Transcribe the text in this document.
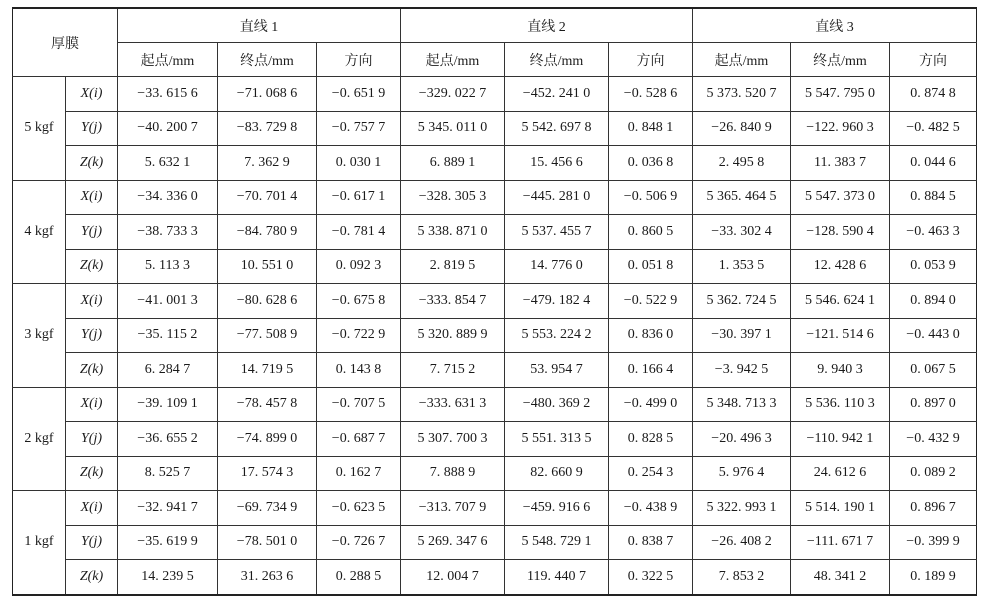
厚膜		直线 1			直线 2			直线 3		
		起点/mm	终点/mm	方向	起点/mm	终点/mm	方向	起点/mm	终点/mm	方向
5 kgf	X(i)	−33. 615 6	−71. 068 6	−0. 651 9	−329. 022 7	−452. 241 0	−0. 528 6	5 373. 520 7	5 547. 795 0	0. 874 8
	Y(j)	−40. 200 7	−83. 729 8	−0. 757 7	5 345. 011 0	5 542. 697 8	0. 848 1	−26. 840 9	−122. 960 3	−0. 482 5
	Z(k)	5. 632 1	7. 362 9	0. 030 1	6. 889 1	15. 456 6	0. 036 8	2. 495 8	11. 383 7	0. 044 6
4 kgf	X(i)	−34. 336 0	−70. 701 4	−0. 617 1	−328. 305 3	−445. 281 0	−0. 506 9	5 365. 464 5	5 547. 373 0	0. 884 5
	Y(j)	−38. 733 3	−84. 780 9	−0. 781 4	5 338. 871 0	5 537. 455 7	0. 860 5	−33. 302 4	−128. 590 4	−0. 463 3
	Z(k)	5. 113 3	10. 551 0	0. 092 3	2. 819 5	14. 776 0	0. 051 8	1. 353 5	12. 428 6	0. 053 9
3 kgf	X(i)	−41. 001 3	−80. 628 6	−0. 675 8	−333. 854 7	−479. 182 4	−0. 522 9	5 362. 724 5	5 546. 624 1	0. 894 0
	Y(j)	−35. 115 2	−77. 508 9	−0. 722 9	5 320. 889 9	5 553. 224 2	0. 836 0	−30. 397 1	−121. 514 6	−0. 443 0
	Z(k)	6. 284 7	14. 719 5	0. 143 8	7. 715 2	53. 954 7	0. 166 4	−3. 942 5	9. 940 3	0. 067 5
2 kgf	X(i)	−39. 109 1	−78. 457 8	−0. 707 5	−333. 631 3	−480. 369 2	−0. 499 0	5 348. 713 3	5 536. 110 3	0. 897 0
	Y(j)	−36. 655 2	−74. 899 0	−0. 687 7	5 307. 700 3	5 551. 313 5	0. 828 5	−20. 496 3	−110. 942 1	−0. 432 9
	Z(k)	8. 525 7	17. 574 3	0. 162 7	7. 888 9	82. 660 9	0. 254 3	5. 976 4	24. 612 6	0. 089 2
1 kgf	X(i)	−32. 941 7	−69. 734 9	−0. 623 5	−313. 707 9	−459. 916 6	−0. 438 9	5 322. 993 1	5 514. 190 1	0. 896 7
	Y(j)	−35. 619 9	−78. 501 0	−0. 726 7	5 269. 347 6	5 548. 729 1	0. 838 7	−26. 408 2	−111. 671 7	−0. 399 9
	Z(k)	14. 239 5	31. 263 6	0. 288 5	12. 004 7	119. 440 7	0. 322 5	7. 853 2	48. 341 2	0. 189 9
